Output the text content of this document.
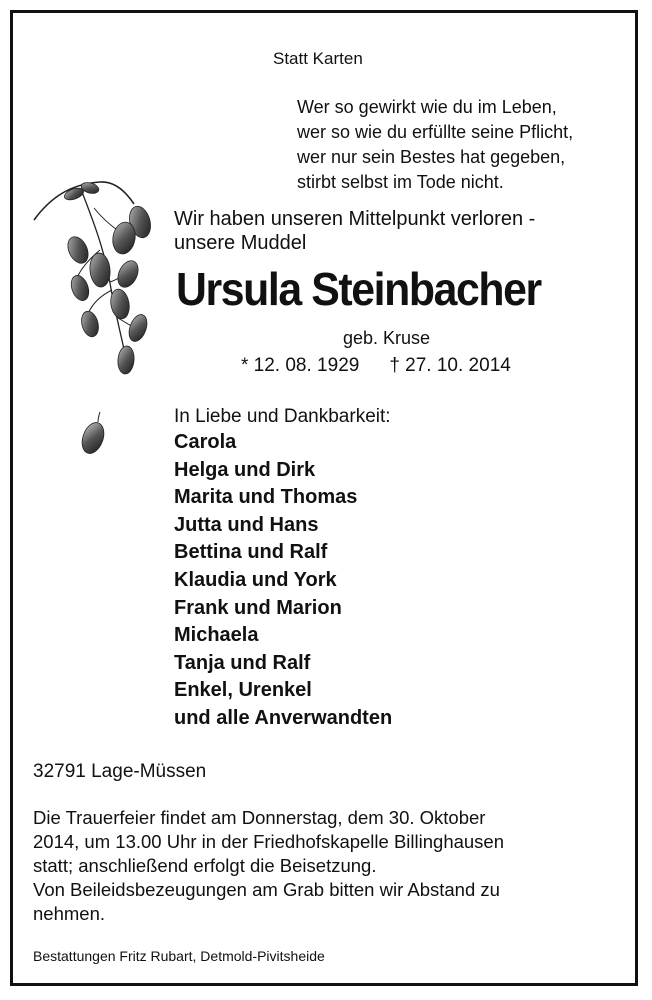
Statt Karten
Wer so gewirkt wie du im Leben,
wer so wie du erfüllte seine Pflicht,
wer nur sein Bestes hat gegeben,
stirbt selbst im Tode nicht.
Wir haben unseren Mittelpunkt verloren -
unsere Muddel
Ursula Steinbacher
geb. Kruse
* 12. 08. 1929 † 27. 10. 2014
In Liebe und Dankbarkeit:
Carola
Helga und Dirk
Marita und Thomas
Jutta und Hans
Bettina und Ralf
Klaudia und York
Frank und Marion
Michaela
Tanja und Ralf
Enkel, Urenkel
und alle Anverwandten
32791 Lage-Müssen
Die Trauerfeier findet am Donnerstag, dem 30. Oktober
2014, um 13.00 Uhr in der Friedhofskapelle Billinghausen
statt; anschließend erfolgt die Beisetzung.
Von Beileidsbezeugungen am Grab bitten wir Abstand zu
nehmen.
Bestattungen Fritz Rubart, Detmold-Pivitsheide
